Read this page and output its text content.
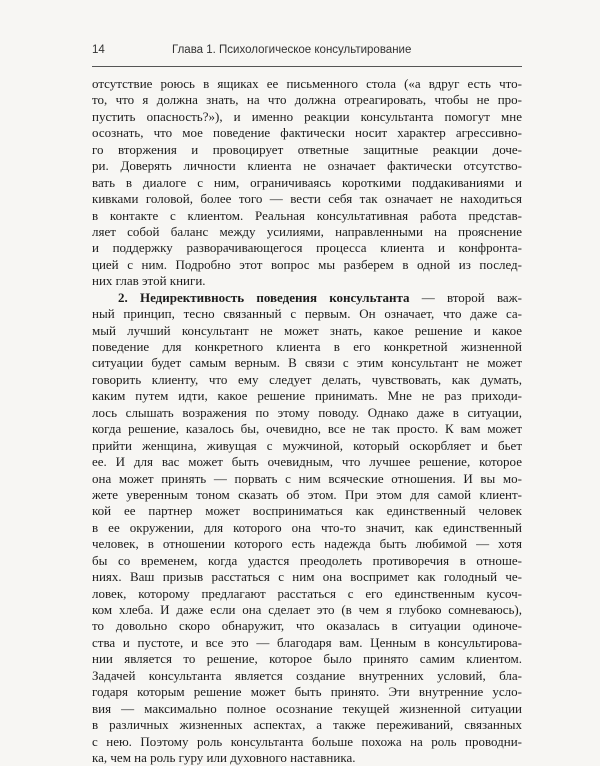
14	Глава 1. Психологическое консультирование
отсутствие роюсь в ящиках ее письменного стола («а вдруг есть что-
то, что я должна знать, на что должна отреагировать, чтобы не про-
пустить опасность?»), и именно реакции консультанта помогут мне
осознать, что мое поведение фактически носит характер агрессивно-
го вторжения и провоцирует ответные защитные реакции доче-
ри. Доверять личности клиента не означает фактически отсутство-
вать в диалоге с ним, ограничиваясь короткими поддакиваниями и
кивками головой, более того — вести себя так означает не находиться
в контакте с клиентом. Реальная консультативная работа представ-
ляет собой баланс между усилиями, направленными на прояснение
и поддержку разворачивающегося процесса клиента и конфронта-
цией с ним. Подробно этот вопрос мы разберем в одной из послед-
них глав этой книги.
2. Недирективность поведения консультанта — второй важ-
ный принцип, тесно связанный с первым. Он означает, что даже са-
мый лучший консультант не может знать, какое решение и какое
поведение для конкретного клиента в его конкретной жизненной
ситуации будет самым верным. В связи с этим консультант не может
говорить клиенту, что ему следует делать, чувствовать, как думать,
каким путем идти, какое решение принимать. Мне не раз приходи-
лось слышать возражения по этому поводу. Однако даже в ситуации,
когда решение, казалось бы, очевидно, все не так просто. К вам может
прийти женщина, живущая с мужчиной, который оскорбляет и бьет
ее. И для вас может быть очевидным, что лучшее решение, которое
она может принять — порвать с ним всяческие отношения. И вы мо-
жете уверенным тоном сказать об этом. При этом для самой клиент-
кой ее партнер может восприниматься как единственный человек
в ее окружении, для которого она что-то значит, как единственный
человек, в отношении которого есть надежда быть любимой — хотя
бы со временем, когда удастся преодолеть противоречия в отноше-
ниях. Ваш призыв расстаться с ним она воспримет как голодный че-
ловек, которому предлагают расстаться с его единственным кусоч-
ком хлеба. И даже если она сделает это (в чем я глубоко сомневаюсь),
то довольно скоро обнаружит, что оказалась в ситуации одиноче-
ства и пустоте, и все это — благодаря вам. Ценным в консультирова-
нии является то решение, которое было принято самим клиентом.
Задачей консультанта является создание внутренних условий, бла-
годаря которым решение может быть принято. Эти внутренние усло-
вия — максимально полное осознание текущей жизненной ситуации
в различных жизненных аспектах, а также переживаний, связанных
с нею. Поэтому роль консультанта больше похожа на роль проводни-
ка, чем на роль гуру или духовного наставника.
